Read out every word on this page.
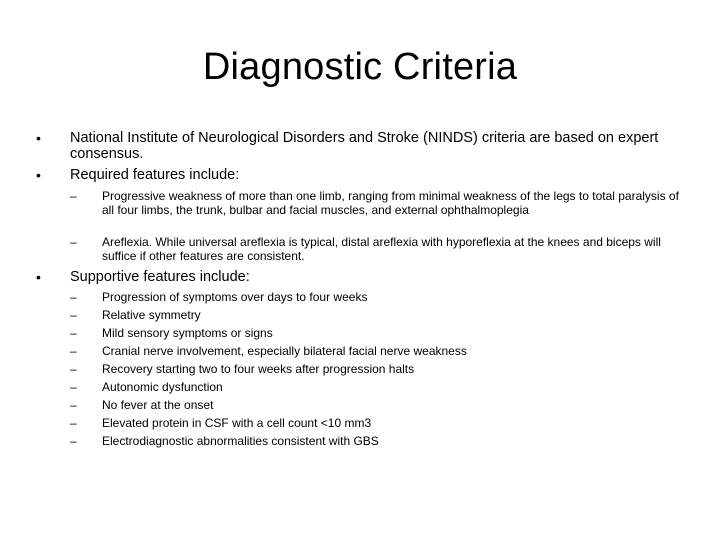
Diagnostic Criteria
• National Institute of Neurological Disorders and Stroke (NINDS) criteria are based on expert consensus.
• Required features include:
– Progressive weakness of more than one limb, ranging from minimal weakness of the legs to total paralysis of all four limbs, the trunk, bulbar and facial muscles, and external ophthalmoplegia
– Areflexia. While universal areflexia is typical, distal areflexia with hyporeflexia at the knees and biceps will suffice if other features are consistent.
• Supportive features include:
– Progression of symptoms over days to four weeks
– Relative symmetry
– Mild sensory symptoms or signs
– Cranial nerve involvement, especially bilateral facial nerve weakness
– Recovery starting two to four weeks after progression halts
– Autonomic dysfunction
– No fever at the onset
– Elevated protein in CSF with a cell count <10 mm3
– Electrodiagnostic abnormalities consistent with GBS
